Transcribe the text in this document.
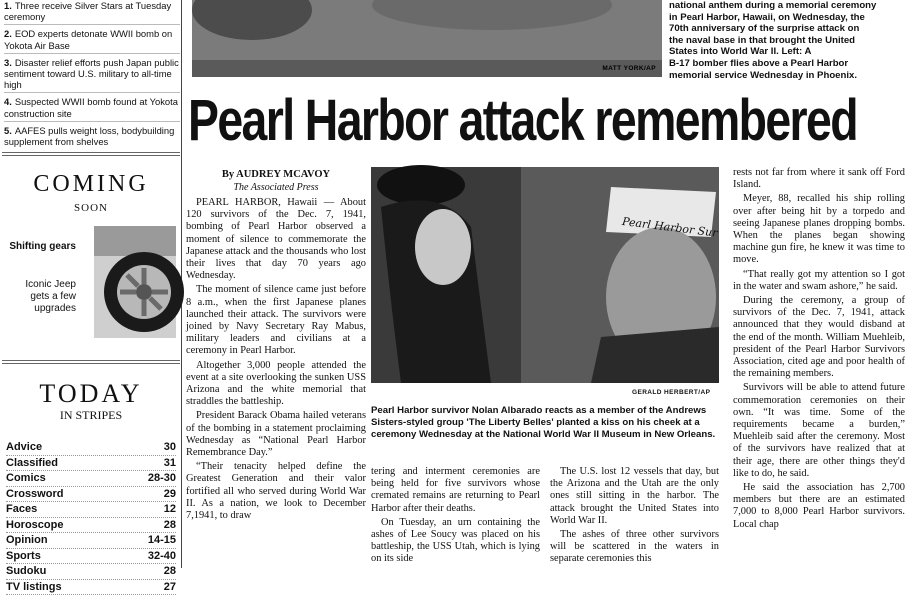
1. Three receive Silver Stars at Tuesday ceremony
2. EOD experts detonate WWII bomb on Yokota Air Base
3. Disaster relief efforts push Japan public sentiment toward U.S. military to all-time high
4. Suspected WWII bomb found at Yokota construction site
5. AAFES pulls weight loss, bodybuilding supplement from shelves
COMING
SOON
Shifting gears
Iconic Jeep gets a few upgrades
TODAY
IN STRIPES
Advice	30
Classified	31
Comics	28-30
Crossword	29
Faces	12
Horoscope	28
Opinion	14-15
Sports	32-40
Sudoku	28
TV listings	27
MATT YORK/AP
national anthem during a memorial ceremony
in Pearl Harbor, Hawaii, on Wednesday, the
70th anniversary of the surprise attack on
the naval base in that brought the United
States into World War II. Left: A
B-17 bomber flies above a Pearl Harbor
memorial service Wednesday in Phoenix.
Pearl Harbor attack remembered
By AUDREY MCAVOY
The Associated Press

PEARL HARBOR, Hawaii — About 120 survivors of the Dec. 7, 1941, bombing of Pearl Harbor observed a moment of silence to commemorate the Japanese attack and the thousands who lost their lives that day 70 years ago Wednesday.

The moment of silence came just before 8 a.m., when the first Japanese planes launched their attack. The survivors were joined by Navy Secretary Ray Mabus, military leaders and civilians at a ceremony in Pearl Harbor.

Altogether 3,000 people attended the event at a site overlooking the sunken USS Arizona and the white memorial that straddles the battleship.

President Barack Obama hailed veterans of the bombing in a statement proclaiming Wednesday as “National Pearl Harbor Remembrance Day.”

“Their tenacity helped define the Greatest Generation and their valor fortified all who served during World War II. As a nation, we look to December 7,1941, to draw

Pearl Harbor Sur
GERALD HERBERT/AP
Pearl Harbor survivor Nolan Albarado reacts as a member of the Andrews Sisters-styled group 'The Liberty Belles' planted a kiss on his cheek at a ceremony Wednesday at the National World War II Museum in New Orleans.

tering and interment ceremonies are being held for five survivors whose cremated remains are returning to Pearl Harbor after their deaths.

On Tuesday, an urn containing the ashes of Lee Soucy was placed on his battleship, the USS Utah, which is lying on its side

The U.S. lost 12 vessels that day, but the Arizona and the Utah are the only ones still sitting in the harbor. The attack brought the United States into World War II.

The ashes of three other survivors will be scattered in the waters in separate ceremonies this

rests not far from where it sank off Ford Island.

Meyer, 88, recalled his ship rolling over after being hit by a torpedo and seeing Japanese planes dropping bombs. When the planes began showing machine gun fire, he knew it was time to move.

“That really got my attention so I got in the water and swam ashore,” he said.

During the ceremony, a group of survivors of the Dec. 7, 1941, attack announced that they would disband at the end of the month. William Muehleib, president of the Pearl Harbor Survivors Association, cited age and poor health of the remaining members.

Survivors will be able to attend future commemoration ceremonies on their own. “It was time. Some of the requirements became a burden,” Muehleib said after the ceremony. Most of the survivors have realized that at their age, there are other things they'd like to do, he said.

He said the association has 2,700 members but there are an estimated 7,000 to 8,000 Pearl Harbor survivors. Local chap
